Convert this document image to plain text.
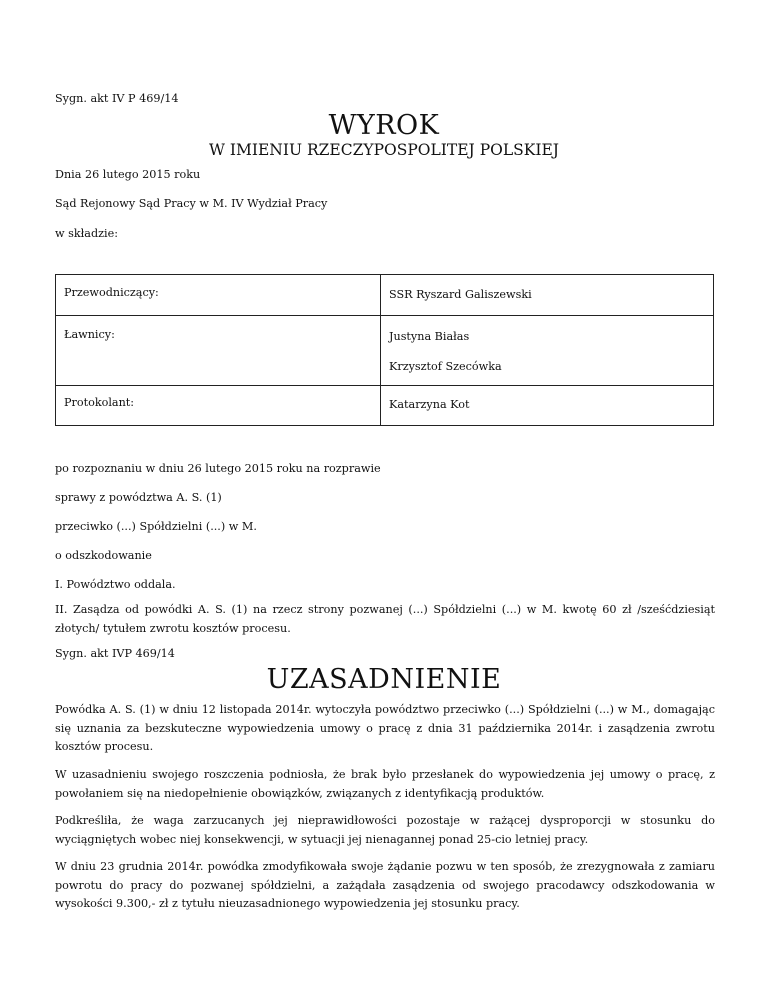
Sygn. akt IV P 469/14
WYROK
W IMIENIU RZECZYPOSPOLITEJ POLSKIEJ
Dnia 26 lutego 2015 roku
Sąd Rejonowy Sąd Pracy w M. IV Wydział Pracy
w składzie:
Przewodniczący:	SSR Ryszard Galiszewski

Ławnicy:	Justyna Białas
Krzysztof Szecówka

Protokolant:	Katarzyna Kot
po rozpoznaniu w dniu 26 lutego 2015 roku na rozprawie
sprawy z powództwa A. S. (1)
przeciwko (...) Spółdzielni (...) w M.
o odszkodowanie
I. Powództwo oddala.
II. Zasądza od powódki A. S. (1) na rzecz strony pozwanej (...) Spółdzielni (...) w M. kwotę 60 zł /sześćdziesiąt złotych/ tytułem zwrotu kosztów procesu.
Sygn. akt IVP 469/14
UZASADNIENIE
Powódka A. S. (1) w dniu 12 listopada 2014r. wytoczyła powództwo przeciwko (...) Spółdzielni (...) w M., domagając się uznania za bezskuteczne wypowiedzenia umowy o pracę z dnia 31 października 2014r. i zasądzenia zwrotu kosztów procesu.
W uzasadnieniu swojego roszczenia podniosła, że brak było przesłanek do wypowiedzenia jej umowy o pracę, z powołaniem się na niedopełnienie obowiązków, związanych z identyfikacją produktów.
Podkreśliła, że waga zarzucanych jej nieprawidłowości pozostaje w rażącej dysproporcji w stosunku do wyciągniętych wobec niej konsekwencji, w sytuacji jej nienagannej ponad 25-cio letniej pracy.
W dniu 23 grudnia 2014r. powódka zmodyfikowała swoje żądanie pozwu w ten sposób, że zrezygnowała z zamiaru powrotu do pracy do pozwanej spółdzielni, a zażądała zasądzenia od swojego pracodawcy odszkodowania w wysokości 9.300,- zł z tytułu nieuzasadnionego wypowiedzenia jej stosunku pracy.
